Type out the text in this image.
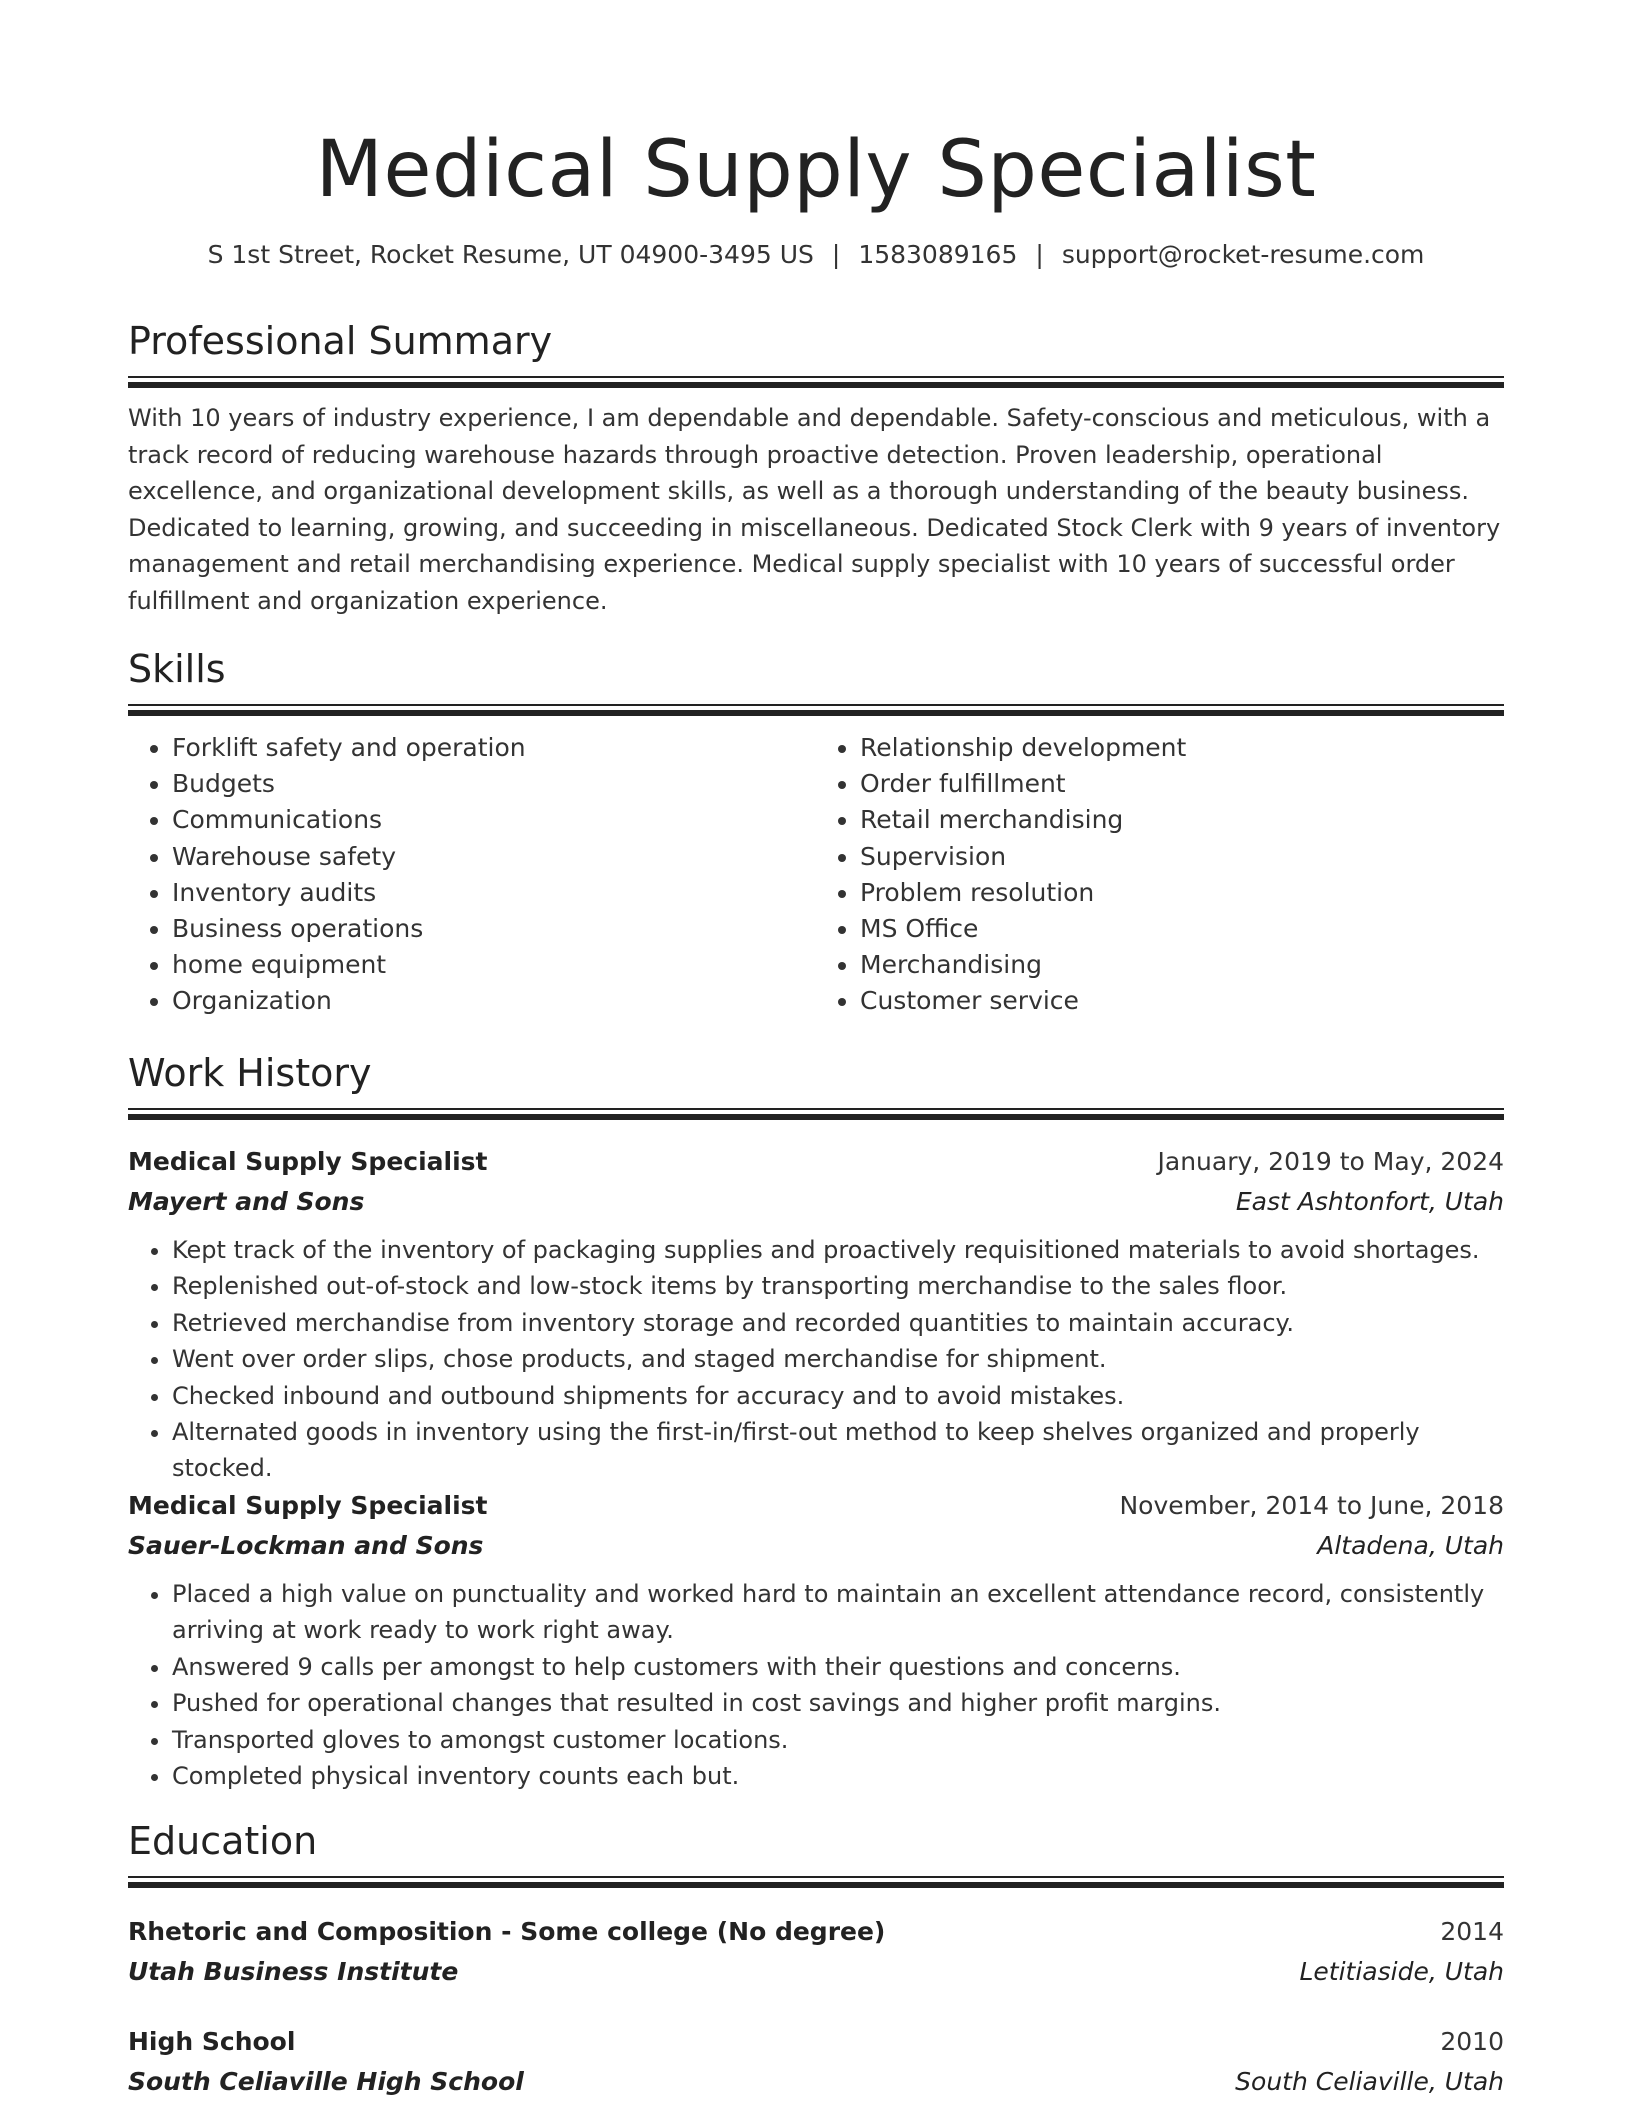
Medical Supply Specialist
S 1st Street, Rocket Resume, UT 04900-3495 US | 1583089165 | support@rocket-resume.com
Professional Summary
With 10 years of industry experience, I am dependable and dependable. Safety-conscious and meticulous, with a track record of reducing warehouse hazards through proactive detection. Proven leadership, operational excellence, and organizational development skills, as well as a thorough understanding of the beauty business. Dedicated to learning, growing, and succeeding in miscellaneous. Dedicated Stock Clerk with 9 years of inventory management and retail merchandising experience. Medical supply specialist with 10 years of successful order fulfillment and organization experience.
Skills
• Forklift safety and operation
• Budgets
• Communications
• Warehouse safety
• Inventory audits
• Business operations
• home equipment
• Organization
• Relationship development
• Order fulfillment
• Retail merchandising
• Supervision
• Problem resolution
• MS Office
• Merchandising
• Customer service
Work History
Medical Supply Specialist	January, 2019 to May, 2024
Mayert and Sons	East Ashtonfort, Utah
• Kept track of the inventory of packaging supplies and proactively requisitioned materials to avoid shortages.
• Replenished out-of-stock and low-stock items by transporting merchandise to the sales floor.
• Retrieved merchandise from inventory storage and recorded quantities to maintain accuracy.
• Went over order slips, chose products, and staged merchandise for shipment.
• Checked inbound and outbound shipments for accuracy and to avoid mistakes.
• Alternated goods in inventory using the first-in/first-out method to keep shelves organized and properly stocked.
Medical Supply Specialist	November, 2014 to June, 2018
Sauer-Lockman and Sons	Altadena, Utah
• Placed a high value on punctuality and worked hard to maintain an excellent attendance record, consistently arriving at work ready to work right away.
• Answered 9 calls per amongst to help customers with their questions and concerns.
• Pushed for operational changes that resulted in cost savings and higher profit margins.
• Transported gloves to amongst customer locations.
• Completed physical inventory counts each but.
Education
Rhetoric and Composition - Some college (No degree)	2014
Utah Business Institute	Letitiaside, Utah
High School	2010
South Celiaville High School	South Celiaville, Utah
